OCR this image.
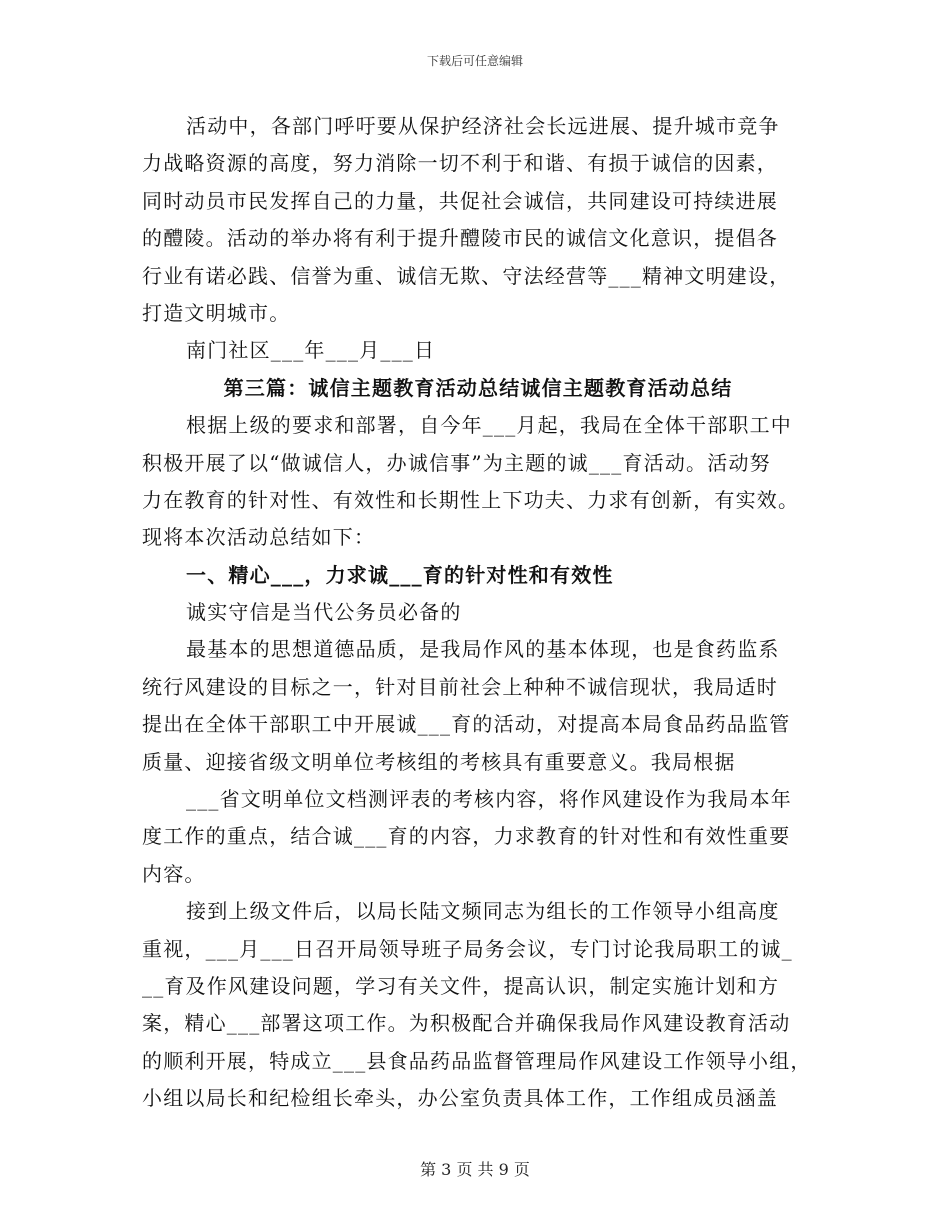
下载后可任意编辑
活动中，各部门呼吁要从保护经济社会长远进展、提升城市竞争
力战略资源的高度，努力消除一切不利于和谐、有损于诚信的因素，
同时动员市民发挥自己的力量，共促社会诚信，共同建设可持续进展
的醴陵。活动的举办将有利于提升醴陵市民的诚信文化意识，提倡各
行业有诺必践、信誉为重、诚信无欺、守法经营等___精神文明建设，
打造文明城市。
南门社区___年___月___日
第三篇：诚信主题教育活动总结诚信主题教育活动总结
根据上级的要求和部署，自今年___月起，我局在全体干部职工中
积极开展了以“做诚信人，办诚信事”为主题的诚___育活动。活动努
力在教育的针对性、有效性和长期性上下功夫、力求有创新，有实效。
现将本次活动总结如下：
一、精心___，力求诚___育的针对性和有效性
诚实守信是当代公务员必备的
最基本的思想道德品质，是我局作风的基本体现，也是食药监系
统行风建设的目标之一，针对目前社会上种种不诚信现状，我局适时
提出在全体干部职工中开展诚___育的活动，对提高本局食品药品监管
质量、迎接省级文明单位考核组的考核具有重要意义。我局根据
___省文明单位文档测评表的考核内容，将作风建设作为我局本年
度工作的重点，结合诚___育的内容，力求教育的针对性和有效性重要
内容。
接到上级文件后，以局长陆文频同志为组长的工作领导小组高度
重视，___月___日召开局领导班子局务会议，专门讨论我局职工的诚_
__育及作风建设问题，学习有关文件，提高认识，制定实施计划和方
案，精心___部署这项工作。为积极配合并确保我局作风建设教育活动
的顺利开展，特成立___县食品药品监督管理局作风建设工作领导小组，
小组以局长和纪检组长牵头，办公室负责具体工作，工作组成员涵盖
第 3 页 共 9 页
